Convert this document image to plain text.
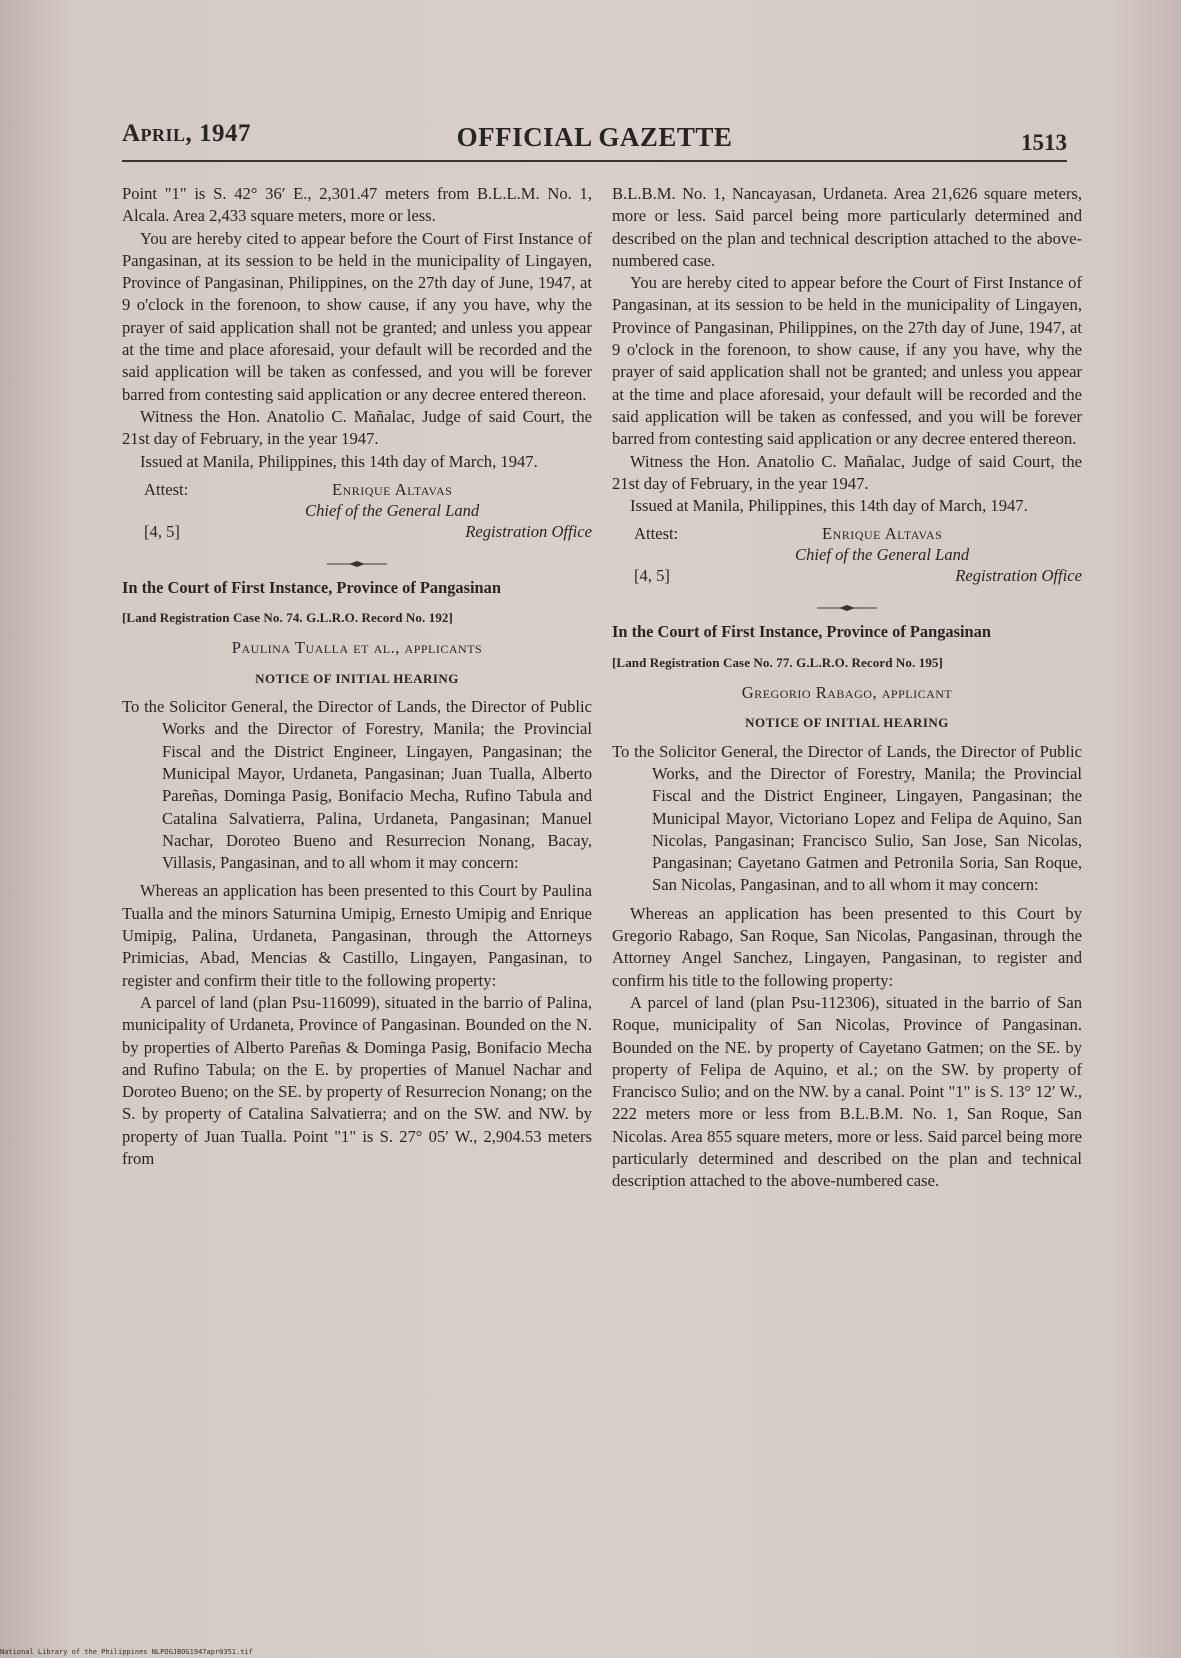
April, 1947	OFFICIAL GAZETTE	1513

Point "1" is S. 42° 36′ E., 2,301.47 meters from B.L.L.M. No. 1, Alcala. Area 2,433 square meters, more or less.

You are hereby cited to appear before the Court of First Instance of Pangasinan, at its session to be held in the municipality of Lingayen, Province of Pangasinan, Philippines, on the 27th day of June, 1947, at 9 o'clock in the forenoon, to show cause, if any you have, why the prayer of said application shall not be granted; and unless you appear at the time and place aforesaid, your default will be recorded and the said application will be taken as confessed, and you will be forever barred from contesting said application or any decree entered thereon.

Witness the Hon. Anatolio C. Mañalac, Judge of said Court, the 21st day of February, in the year 1947.

Issued at Manila, Philippines, this 14th day of March, 1947.

Attest:	Enrique Altavas
Chief of the General Land
[4, 5]	Registration Office
In the Court of First Instance, Province of Pangasinan
[Land Registration Case No. 74. G.L.R.O. Record No. 192]
Paulina Tualla et al., applicants
NOTICE OF INITIAL HEARING

To the Solicitor General, the Director of Lands, the Director of Public Works and the Director of Forestry, Manila; the Provincial Fiscal and the District Engineer, Lingayen, Pangasinan; the Municipal Mayor, Urdaneta, Pangasinan; Juan Tualla, Alberto Pareñas, Dominga Pasig, Bonifacio Mecha, Rufino Tabula and Catalina Salvatierra, Palina, Urdaneta, Pangasinan; Manuel Nachar, Doroteo Bueno and Resurrecion Nonang, Bacay, Villasis, Pangasinan, and to all whom it may concern:

Whereas an application has been presented to this Court by Paulina Tualla and the minors Saturnina Umipig, Ernesto Umipig and Enrique Umipig, Palina, Urdaneta, Pangasinan, through the Attorneys Primicias, Abad, Mencias & Castillo, Lingayen, Pangasinan, to register and confirm their title to the following property:

A parcel of land (plan Psu-116099), situated in the barrio of Palina, municipality of Urdaneta, Province of Pangasinan. Bounded on the N. by properties of Alberto Pareñas & Dominga Pasig, Bonifacio Mecha and Rufino Tabula; on the E. by properties of Manuel Nachar and Doroteo Bueno; on the SE. by property of Resurrecion Nonang; on the S. by property of Catalina Salvatierra; and on the SW. and NW. by property of Juan Tualla. Point "1" is S. 27° 05′ W., 2,904.53 meters from

B.L.B.M. No. 1, Nancayasan, Urdaneta. Area 21,626 square meters, more or less. Said parcel being more particularly determined and described on the plan and technical description attached to the above-numbered case.

You are hereby cited to appear before the Court of First Instance of Pangasinan, at its session to be held in the municipality of Lingayen, Province of Pangasinan, Philippines, on the 27th day of June, 1947, at 9 o'clock in the forenoon, to show cause, if any you have, why the prayer of said application shall not be granted; and unless you appear at the time and place aforesaid, your default will be recorded and the said application will be taken as confessed, and you will be forever barred from contesting said application or any decree entered thereon.

Witness the Hon. Anatolio C. Mañalac, Judge of said Court, the 21st day of February, in the year 1947.

Issued at Manila, Philippines, this 14th day of March, 1947.

Attest:	Enrique Altavas
Chief of the General Land
[4, 5]	Registration Office
In the Court of First Instance, Province of Pangasinan
[Land Registration Case No. 77. G.L.R.O. Record No. 195]
Gregorio Rabago, applicant
NOTICE OF INITIAL HEARING

To the Solicitor General, the Director of Lands, the Director of Public Works, and the Director of Forestry, Manila; the Provincial Fiscal and the District Engineer, Lingayen, Pangasinan; the Municipal Mayor, Victoriano Lopez and Felipa de Aquino, San Nicolas, Pangasinan; Francisco Sulio, San Jose, San Nicolas, Pangasinan; Cayetano Gatmen and Petronila Soria, San Roque, San Nicolas, Pangasinan, and to all whom it may concern:

Whereas an application has been presented to this Court by Gregorio Rabago, San Roque, San Nicolas, Pangasinan, through the Attorney Angel Sanchez, Lingayen, Pangasinan, to register and confirm his title to the following property:

A parcel of land (plan Psu-112306), situated in the barrio of San Roque, municipality of San Nicolas, Province of Pangasinan. Bounded on the NE. by property of Cayetano Gatmen; on the SE. by property of Felipa de Aquino, et al.; on the SW. by property of Francisco Sulio; and on the NW. by a canal. Point "1" is S. 13° 12′ W., 222 meters more or less from B.L.B.M. No. 1, San Roque, San Nicolas. Area 855 square meters, more or less. Said parcel being more particularly determined and described on the plan and technical description attached to the above-numbered case.

National Library of the Philippines NLPOGJBOG1947apr0351.tif
